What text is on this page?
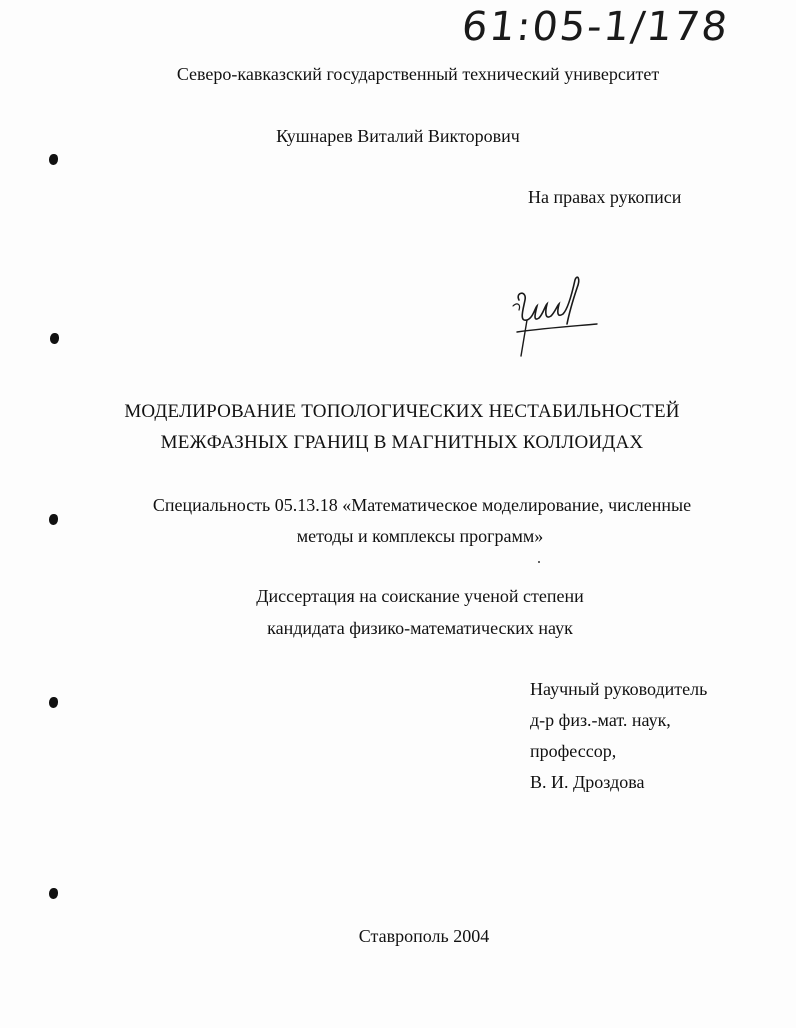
61:05-1/178
Северо-кавказский государственный технический университет
Кушнарев Виталий Викторович
На правах рукописи
МОДЕЛИРОВАНИЕ ТОПОЛОГИЧЕСКИХ НЕСТАБИЛЬНОСТЕЙ
МЕЖФАЗНЫХ ГРАНИЦ В МАГНИТНЫХ КОЛЛОИДАХ
Специальность 05.13.18 «Математическое моделирование, численные
методы и комплексы программ»
Диссертация на соискание ученой степени
кандидата физико-математических наук
Научный руководитель
д-р физ.-мат. наук,
профессор,
В. И. Дроздова
Ставрополь 2004
